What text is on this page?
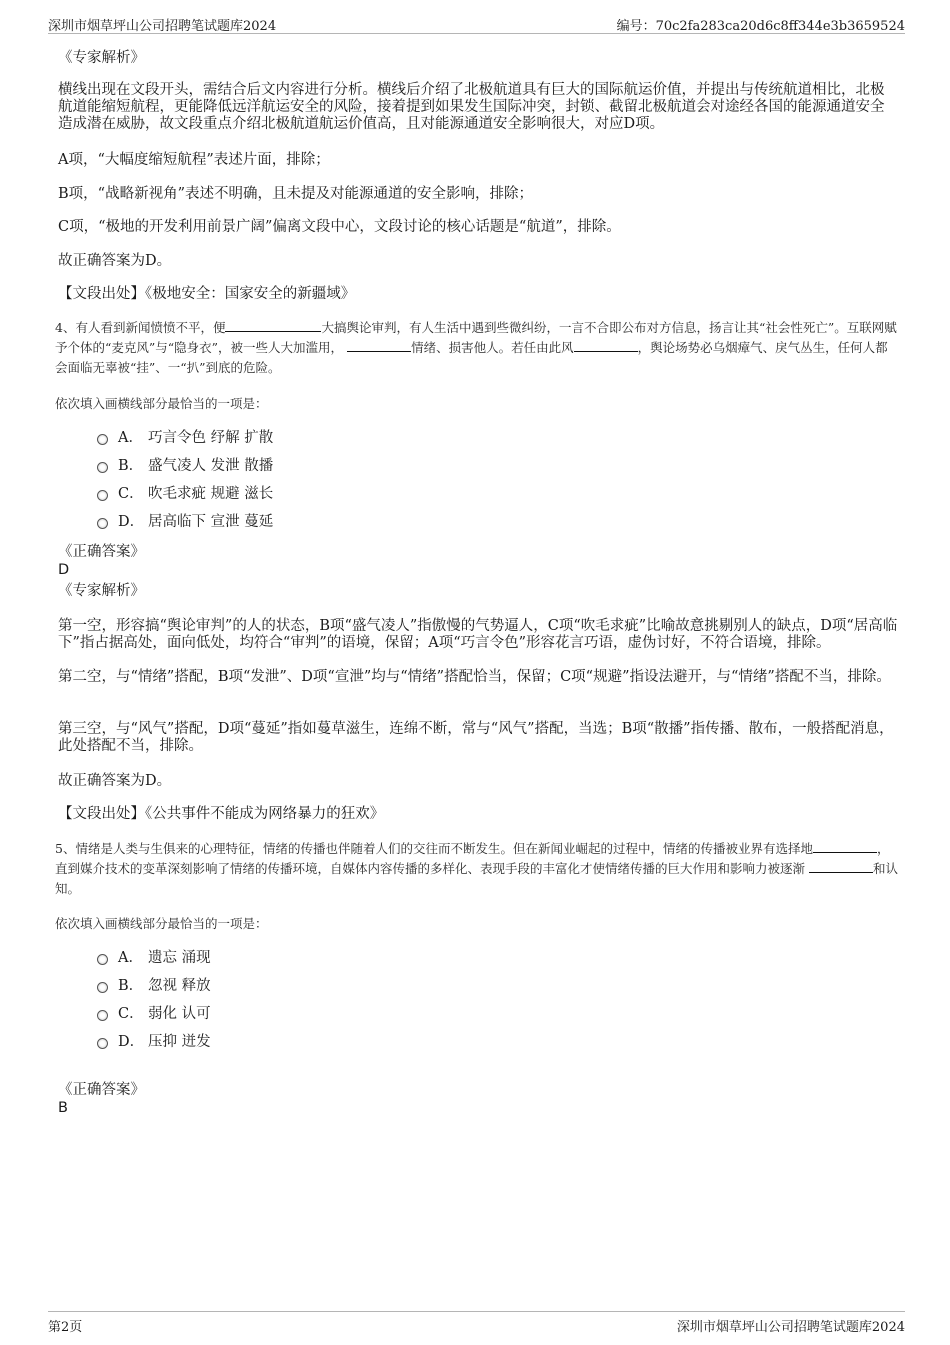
深圳市烟草坪山公司招聘笔试题库2024	编号：70c2fa283ca20d6c8ff344e3b3659524

《专家解析》

横线出现在文段开头，需结合后文内容进行分析。横线后介绍了北极航道具有巨大的国际航运价值，并提出与传统航道相比，北极航道能缩短航程，更能降低远洋航运安全的风险，接着提到如果发生国际冲突，封锁、截留北极航道会对途经各国的能源通道安全造成潜在威胁，故文段重点介绍北极航道航运价值高，且对能源通道安全影响很大，对应D项。

A项，“大幅度缩短航程”表述片面，排除；

B项，“战略新视角”表述不明确，且未提及对能源通道的安全影响，排除；

C项，“极地的开发利用前景广阔”偏离文段中心，文段讨论的核心话题是“航道”，排除。

故正确答案为D。

【文段出处】《极地安全：国家安全的新疆域》

4、有人看到新闻愤愤不平，便	大搞舆论审判，有人生活中遇到些微纠纷，一言不合即公布对方信息，扬言让其“社会性死亡”。互联网赋予个体的“麦克风”与“隐身衣”，被一些人大加滥用，	情绪、损害他人。若任由此风	，舆论场势必乌烟瘴气、戾气丛生，任何人都会面临无辜被“挂”、一“扒”到底的危险。

依次填入画横线部分最恰当的一项是：

A． 巧言令色 纾解 扩散
B． 盛气凌人 发泄 散播
C． 吹毛求疵 规避 滋长
D． 居高临下 宣泄 蔓延

《正确答案》

D

《专家解析》

第一空，形容搞“舆论审判”的人的状态，B项“盛气凌人”指傲慢的气势逼人，C项“吹毛求疵”比喻故意挑剔别人的缺点，D项“居高临下”指占据高处，面向低处，均符合“审判”的语境，保留；A项“巧言令色”形容花言巧语，虚伪讨好，不符合语境，排除。

第二空，与“情绪”搭配，B项“发泄”、D项“宣泄”均与“情绪”搭配恰当，保留；C项“规避”指设法避开，与“情绪”搭配不当，排除。

第三空，与“风气”搭配，D项“蔓延”指如蔓草滋生，连绵不断，常与“风气”搭配，当选；B项“散播”指传播、散布，一般搭配消息，此处搭配不当，排除。

故正确答案为D。

【文段出处】《公共事件不能成为网络暴力的狂欢》

5、情绪是人类与生俱来的心理特征，情绪的传播也伴随着人们的交往而不断发生。但在新闻业崛起的过程中，情绪的传播被业界有选择地	，直到媒介技术的变革深刻影响了情绪的传播环境，自媒体内容传播的多样化、表现手段的丰富化才使情绪传播的巨大作用和影响力被逐渐	和认知。

依次填入画横线部分最恰当的一项是：

A． 遗忘 涌现
B． 忽视 释放
C． 弱化 认可
D． 压抑 迸发

《正确答案》

B

第2页	深圳市烟草坪山公司招聘笔试题库2024
